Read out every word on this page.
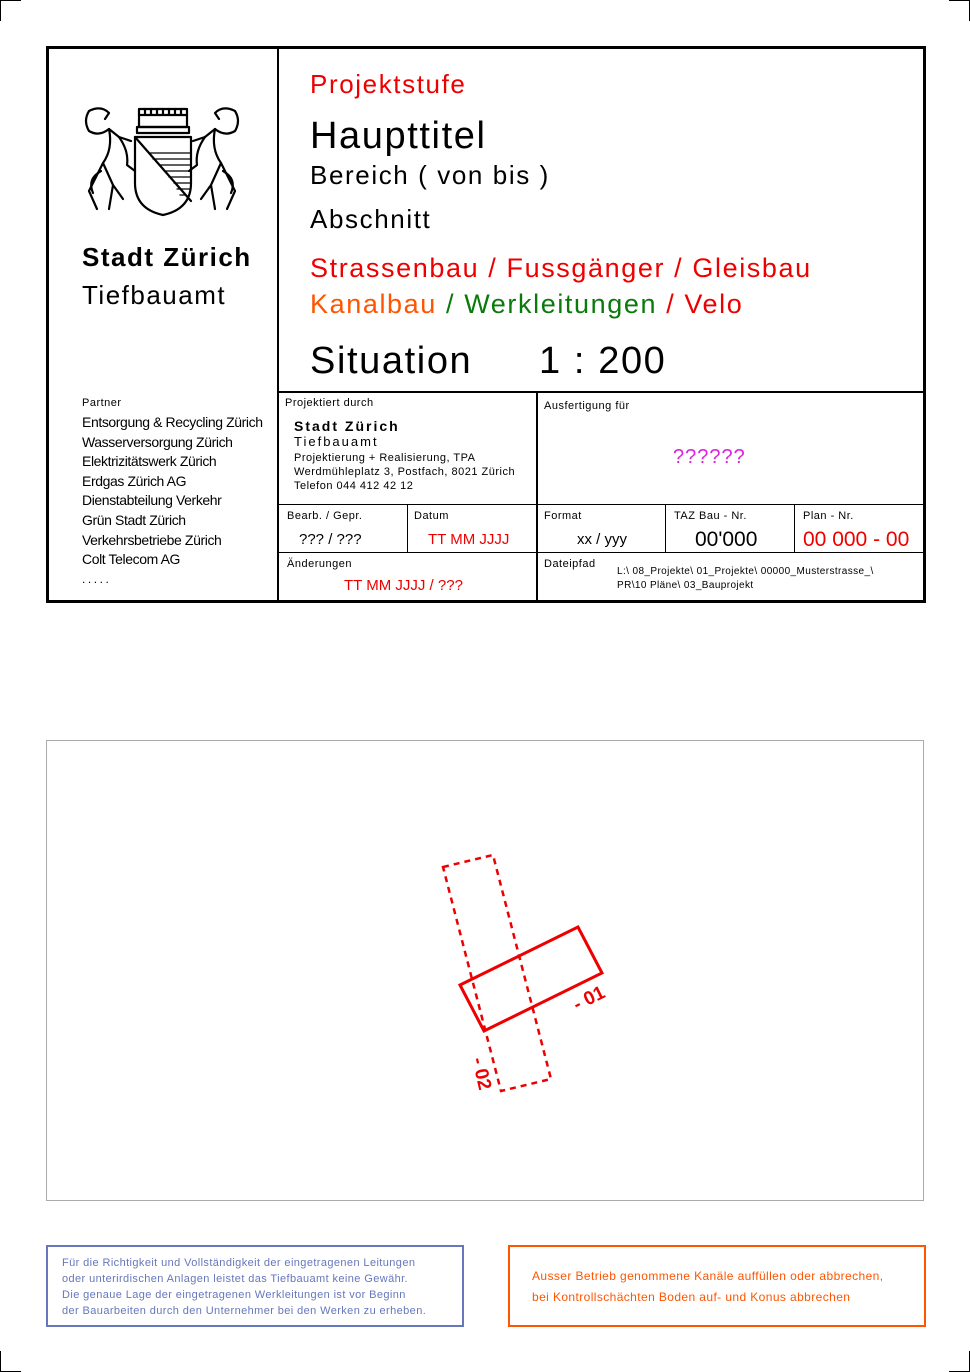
Stadt Zürich
Tiefbauamt
Partner
Entsorgung & Recycling Zürich
Wasserversorgung Zürich
Elektrizitätswerk Zürich
Erdgas Zürich AG
Dienstabteilung Verkehr
Grün Stadt Zürich
Verkehrsbetriebe Zürich
Colt Telecom AG
. . . . .
Projektstufe
Haupttitel
Bereich ( von bis )
Abschnitt
Strassenbau / Fussgänger / Gleisbau
Kanalbau / Werkleitungen / Velo
Situation 1 : 200
Projektiert durch
Stadt Zürich
Tiefbauamt
Projektierung + Realisierung, TPA
Werdmühleplatz 3, Postfach, 8021 Zürich
Telefon 044 412 42 12
Ausfertigung für
??????
Bearb. / Gepr.
??? / ???
Datum
TT MM JJJJ
Format
xx / yyy
TAZ Bau - Nr.
00'000
Plan - Nr.
00 000 - 00
Änderungen
TT MM JJJJ / ???
Dateipfad
L:\ 08_Projekte\ 01_Projekte\ 00000_Musterstrasse_\
PR\10 Pläne\ 03_Bauprojekt
- 01
- 02
Für die Richtigkeit und Vollständigkeit der eingetragenen Leitungen
oder unterirdischen Anlagen leistet das Tiefbauamt keine Gewähr.
Die genaue Lage der eingetragenen Werkleitungen ist vor Beginn
der Bauarbeiten durch den Unternehmer bei den Werken zu erheben.
Ausser Betrieb genommene Kanäle auffüllen oder abbrechen,
bei Kontrollschächten Boden auf- und Konus abbrechen
